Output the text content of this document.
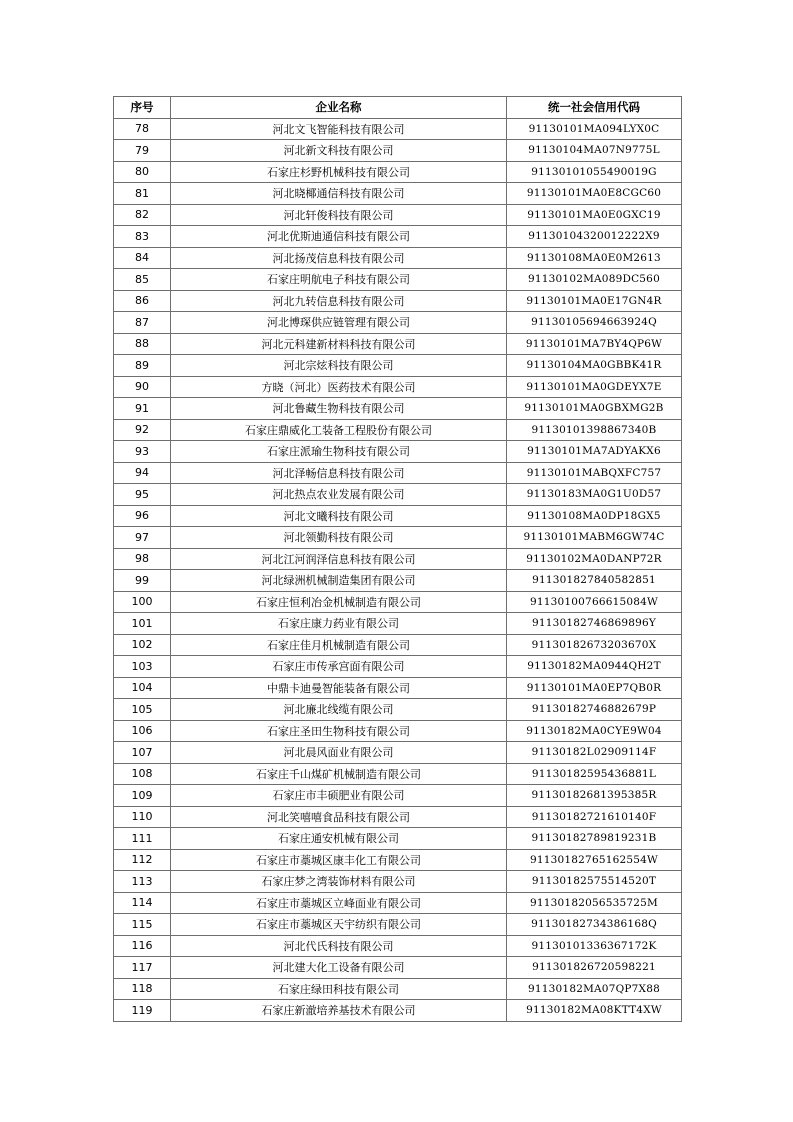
序号	企业名称	统一社会信用代码
78	河北文飞智能科技有限公司	91130101MA094LYX0C
79	河北新文科技有限公司	91130104MA07N9775L
80	石家庄杉野机械科技有限公司	91130101055490019G
81	河北晓椰通信科技有限公司	91130101MA0E8CGC60
82	河北轩俊科技有限公司	91130101MA0E0GXC19
83	河北优斯迪通信科技有限公司	91130104320012222X9
84	河北扬茂信息科技有限公司	91130108MA0E0M2613
85	石家庄明航电子科技有限公司	91130102MA089DC560
86	河北九转信息科技有限公司	91130101MA0E17GN4R
87	河北博琛供应链管理有限公司	91130105694663924Q
88	河北元科建新材料科技有限公司	91130101MA7BY4QP6W
89	河北宗炫科技有限公司	91130104MA0GBBK41R
90	方晓（河北）医药技术有限公司	91130101MA0GDEYX7E
91	河北鲁藏生物科技有限公司	91130101MA0GBXMG2B
92	石家庄鼎威化工装备工程股份有限公司	91130101398867340B
93	石家庄派瑜生物科技有限公司	91130101MA7ADYAKX6
94	河北泽畅信息科技有限公司	91130101MABQXFC757
95	河北热点农业发展有限公司	91130183MA0G1U0D57
96	河北文曦科技有限公司	91130108MA0DP18GX5
97	河北领勤科技有限公司	91130101MABM6GW74C
98	河北江河润泽信息科技有限公司	91130102MA0DANP72R
99	河北绿洲机械制造集团有限公司	91130182784058285​1
100	石家庄恒利冶金机械制造有限公司	91130100766615084W
101	石家庄康力药业有限公司	91130182746869896Y
102	石家庄佳月机械制造有限公司	91130182673203670X
103	石家庄市传承宫面有限公司	91130182MA0944QH2T
104	中鼎卡迪曼智能装备有限公司	91130101MA0EP7QB0R
105	河北廉北线缆有限公司	91130182746882679P
106	石家庄圣田生物科技有限公司	91130182MA0CYE9W04
107	河北晨风面业有限公司	91130182L02909114F
108	石家庄千山煤矿机械制造有限公司	91130182595436881L
109	石家庄市丰硕肥业有限公司	91130182681395385R
110	河北笑嘻嘻食品科技有限公司	91130182721610140F
111	石家庄通安机械有限公司	91130182789819231B
112	石家庄市藁城区康丰化工有限公司	91130182765162554W
113	石家庄梦之湾装饰材料有限公司	91130182575514520T
114	石家庄市藁城区立峰面业有限公司	91130182056535725M
115	石家庄市藁城区天宇纺织有限公司	91130182734386168Q
116	河北代氏科技有限公司	91130101336367172K
117	河北建大化工设备有限公司	91130182672059822​1
118	石家庄绿田科技有限公司	91130182MA07QP7X88
119	石家庄新澈培养基技术有限公司	91130182MA08KTT4XW
